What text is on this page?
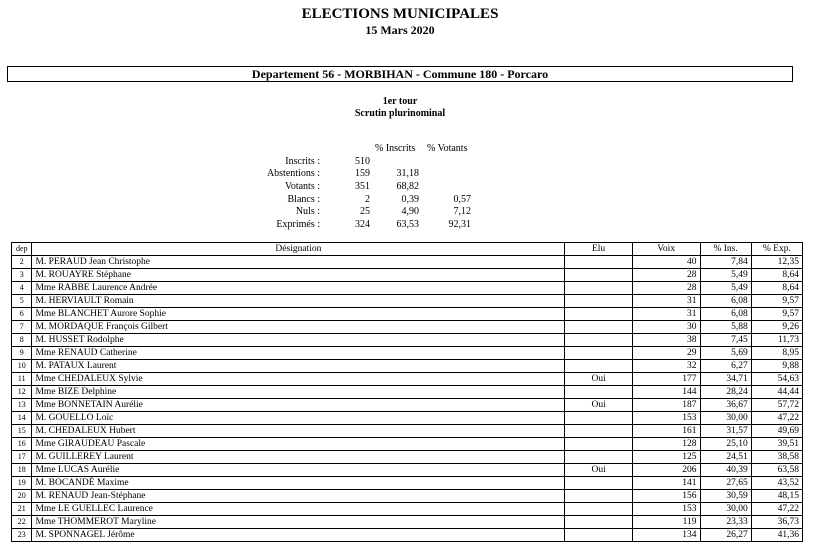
ELECTIONS MUNICIPALES
15 Mars 2020
Departement 56 - MORBIHAN - Commune 180 - Porcaro
1er tour
Scrutin plurinominal
% Inscrits % Votants
Inscrits :	510
Abstentions :	159	31,18
Votants :	351	68,82
Blancs :	2	0,39	0,57
Nuls :	25	4,90	7,12
Exprimés :	324	63,53	92,31
dep	Désignation	Elu	Voix	% Ins.	% Exp.
2	M. PERAUD Jean Christophe		40	7,84	12,35
3	M. ROUAYRE Stéphane		28	5,49	8,64
4	Mme RABBE Laurence Andrée		28	5,49	8,64
5	M. HERVIAULT Romain		31	6,08	9,57
6	Mme BLANCHET Aurore Sophie		31	6,08	9,57
7	M. MORDAQUE François Gilbert		30	5,88	9,26
8	M. HUSSET Rodolphe		38	7,45	11,73
9	Mme RENAUD Catherine		29	5,69	8,95
10	M. PATAUX Laurent		32	6,27	9,88
11	Mme CHEDALEUX Sylvie	Oui	177	34,71	54,63
12	Mme BIZE Delphine		144	28,24	44,44
13	Mme BONNETAIN Aurélie	Oui	187	36,67	57,72
14	M. GOUELLO Loïc		153	30,00	47,22
15	M. CHEDALEUX Hubert		161	31,57	49,69
16	Mme GIRAUDEAU Pascale		128	25,10	39,51
17	M. GUILLEREY Laurent		125	24,51	38,58
18	Mme LUCAS Aurélie	Oui	206	40,39	63,58
19	M. BOCANDÉ Maxime		141	27,65	43,52
20	M. RENAUD Jean-Stéphane		156	30,59	48,15
21	Mme LE GUELLEC Laurence		153	30,00	47,22
22	Mme THOMMEROT Maryline		119	23,33	36,73
23	M. SPONNAGEL Jérôme		134	26,27	41,36
